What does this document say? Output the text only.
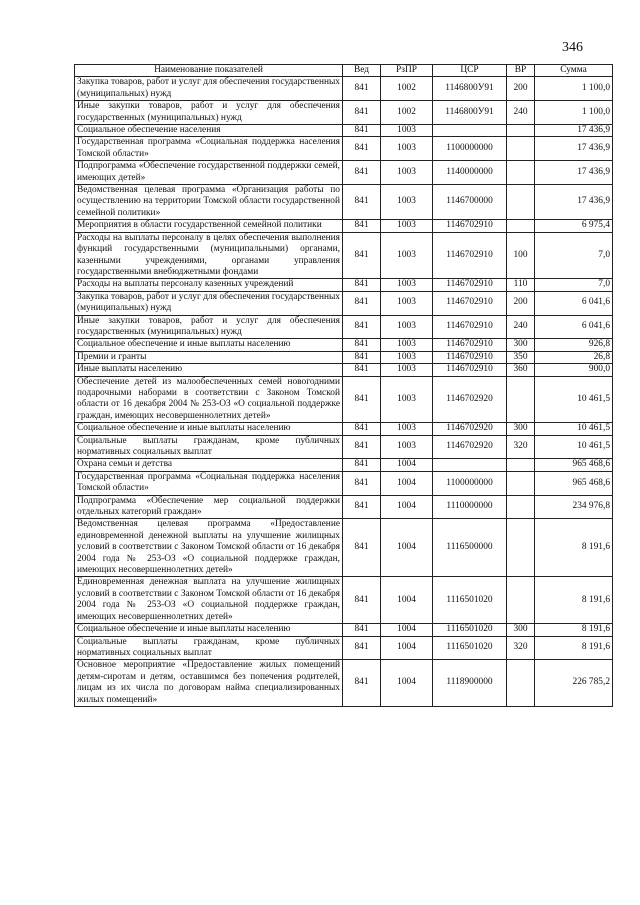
346
Наименование показателей	Вед	РзПР	ЦСР	ВР	Сумма
Закупка товаров, работ и услуг для обеспечения государственных (муниципальных) нужд	841	1002	1146800У91	200	1 100,0
Иные закупки товаров, работ и услуг для обеспечения государственных (муниципальных) нужд	841	1002	1146800У91	240	1 100,0
Социальное обеспечение населения	841	1003			17 436,9
Государственная программа «Социальная поддержка населения Томской области»	841	1003	1100000000		17 436,9
Подпрограмма «Обеспечение государственной поддержки семей, имеющих детей»	841	1003	1140000000		17 436,9
Ведомственная целевая программа «Организация работы по осуществлению на территории Томской области государственной семейной политики»	841	1003	1146700000		17 436,9
Мероприятия в области государственной семейной политики	841	1003	1146702910		6 975,4
Расходы на выплаты персоналу в целях обеспечения выполнения функций государственными (муниципальными) органами, казенными учреждениями, органами управления государственными внебюджетными фондами	841	1003	1146702910	100	7,0
Расходы на выплаты персоналу казенных учреждений	841	1003	1146702910	110	7,0
Закупка товаров, работ и услуг для обеспечения государственных (муниципальных) нужд	841	1003	1146702910	200	6 041,6
Иные закупки товаров, работ и услуг для обеспечения государственных (муниципальных) нужд	841	1003	1146702910	240	6 041,6
Социальное обеспечение и иные выплаты населению	841	1003	1146702910	300	926,8
Премии и гранты	841	1003	1146702910	350	26,8
Иные выплаты населению	841	1003	1146702910	360	900,0
Обеспечение детей из малообеспеченных семей новогодними подарочными наборами в соответствии с Законом Томской области от 16 декабря 2004 № 253-ОЗ «О социальной поддержке граждан, имеющих несовершеннолетних детей»	841	1003	1146702920		10 461,5
Социальное обеспечение и иные выплаты населению	841	1003	1146702920	300	10 461,5
Социальные выплаты гражданам, кроме публичных нормативных социальных выплат	841	1003	1146702920	320	10 461,5
Охрана семьи и детства	841	1004			965 468,6
Государственная программа «Социальная поддержка населения Томской области»	841	1004	1100000000		965 468,6
Подпрограмма «Обеспечение мер социальной поддержки отдельных категорий граждан»	841	1004	1110000000		234 976,8
Ведомственная целевая программа «Предоставление единовременной денежной выплаты на улучшение жилищных условий в соответствии с Законом Томской области от 16 декабря 2004 года № 253-ОЗ «О социальной поддержке граждан, имеющих несовершеннолетних детей»	841	1004	1116500000		8 191,6
Единовременная денежная выплата на улучшение жилищных условий в соответствии с Законом Томской области от 16 декабря 2004 года № 253-ОЗ «О социальной поддержке граждан, имеющих несовершеннолетних детей»	841	1004	1116501020		8 191,6
Социальное обеспечение и иные выплаты населению	841	1004	1116501020	300	8 191,6
Социальные выплаты гражданам, кроме публичных нормативных социальных выплат	841	1004	1116501020	320	8 191,6
Основное мероприятие «Предоставление жилых помещений детям-сиротам и детям, оставшимся без попечения родителей, лицам из их числа по договорам найма специализированных жилых помещений»	841	1004	1118900000		226 785,2
